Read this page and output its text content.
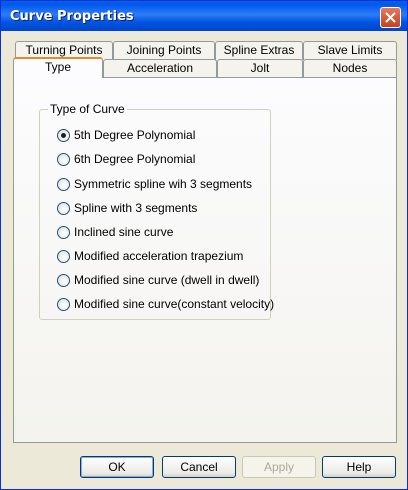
Curve Properties
Turning Points	Joining Points	Spline Extras	Slave Limits
Type	Acceleration	Jolt	Nodes
Type of Curve
5th Degree Polynomial
6th Degree Polynomial
Symmetric spline wih 3 segments
Spline with 3 segments
Inclined sine curve
Modified acceleration trapezium
Modified sine curve (dwell in dwell)
Modified sine curve(constant velocity)
OK	Cancel	Apply	Help
